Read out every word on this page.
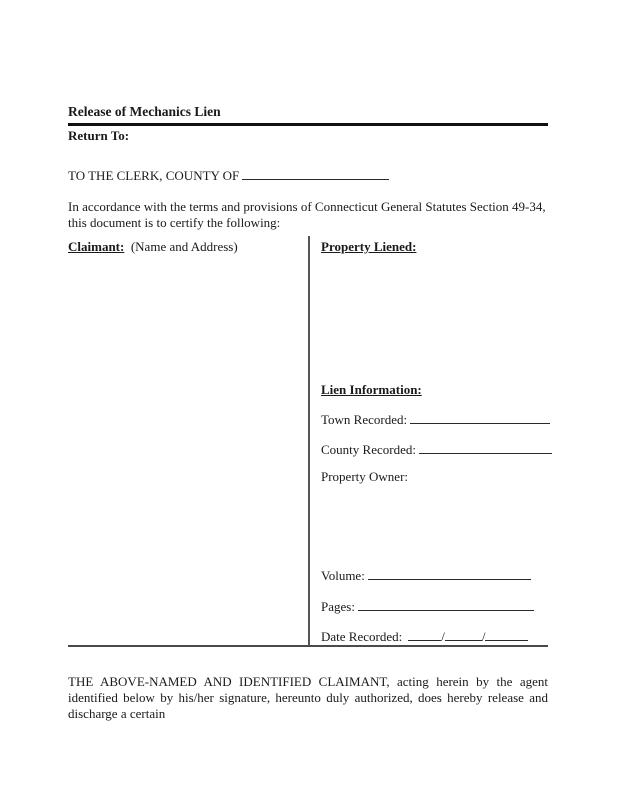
Release of Mechanics Lien
Return To:
TO THE CLERK, COUNTY OF
In accordance with the terms and provisions of Connecticut General Statutes Section 49-34, this document is to certify the following:
Claimant: (Name and Address)	Property Liened:
Lien Information:
Town Recorded:
County Recorded:
Property Owner:
Volume:
Pages:
Date Recorded:	/	/
THE ABOVE-NAMED AND IDENTIFIED CLAIMANT, acting herein by the agent identified below by his/her signature, hereunto duly authorized, does hereby release and discharge a certain
